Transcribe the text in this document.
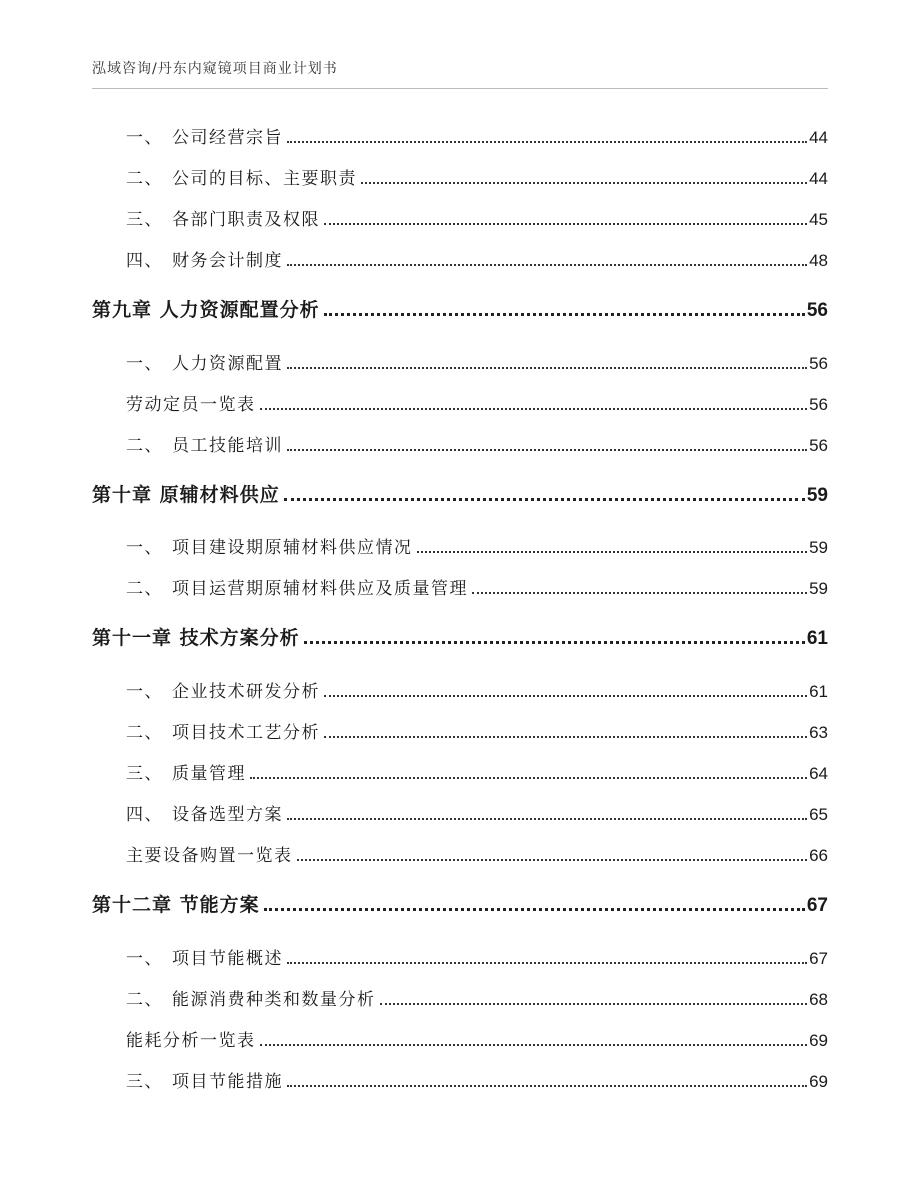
泓域咨询/丹东内窥镜项目商业计划书
一、 公司经营宗旨	44
二、 公司的目标、主要职责	44
三、 各部门职责及权限	45
四、 财务会计制度	48
第九章 人力资源配置分析	56
一、 人力资源配置	56
劳动定员一览表	56
二、 员工技能培训	56
第十章 原辅材料供应	59
一、 项目建设期原辅材料供应情况	59
二、 项目运营期原辅材料供应及质量管理	59
第十一章 技术方案分析	61
一、 企业技术研发分析	61
二、 项目技术工艺分析	63
三、 质量管理	64
四、 设备选型方案	65
主要设备购置一览表	66
第十二章 节能方案	67
一、 项目节能概述	67
二、 能源消费种类和数量分析	68
能耗分析一览表	69
三、 项目节能措施	69
